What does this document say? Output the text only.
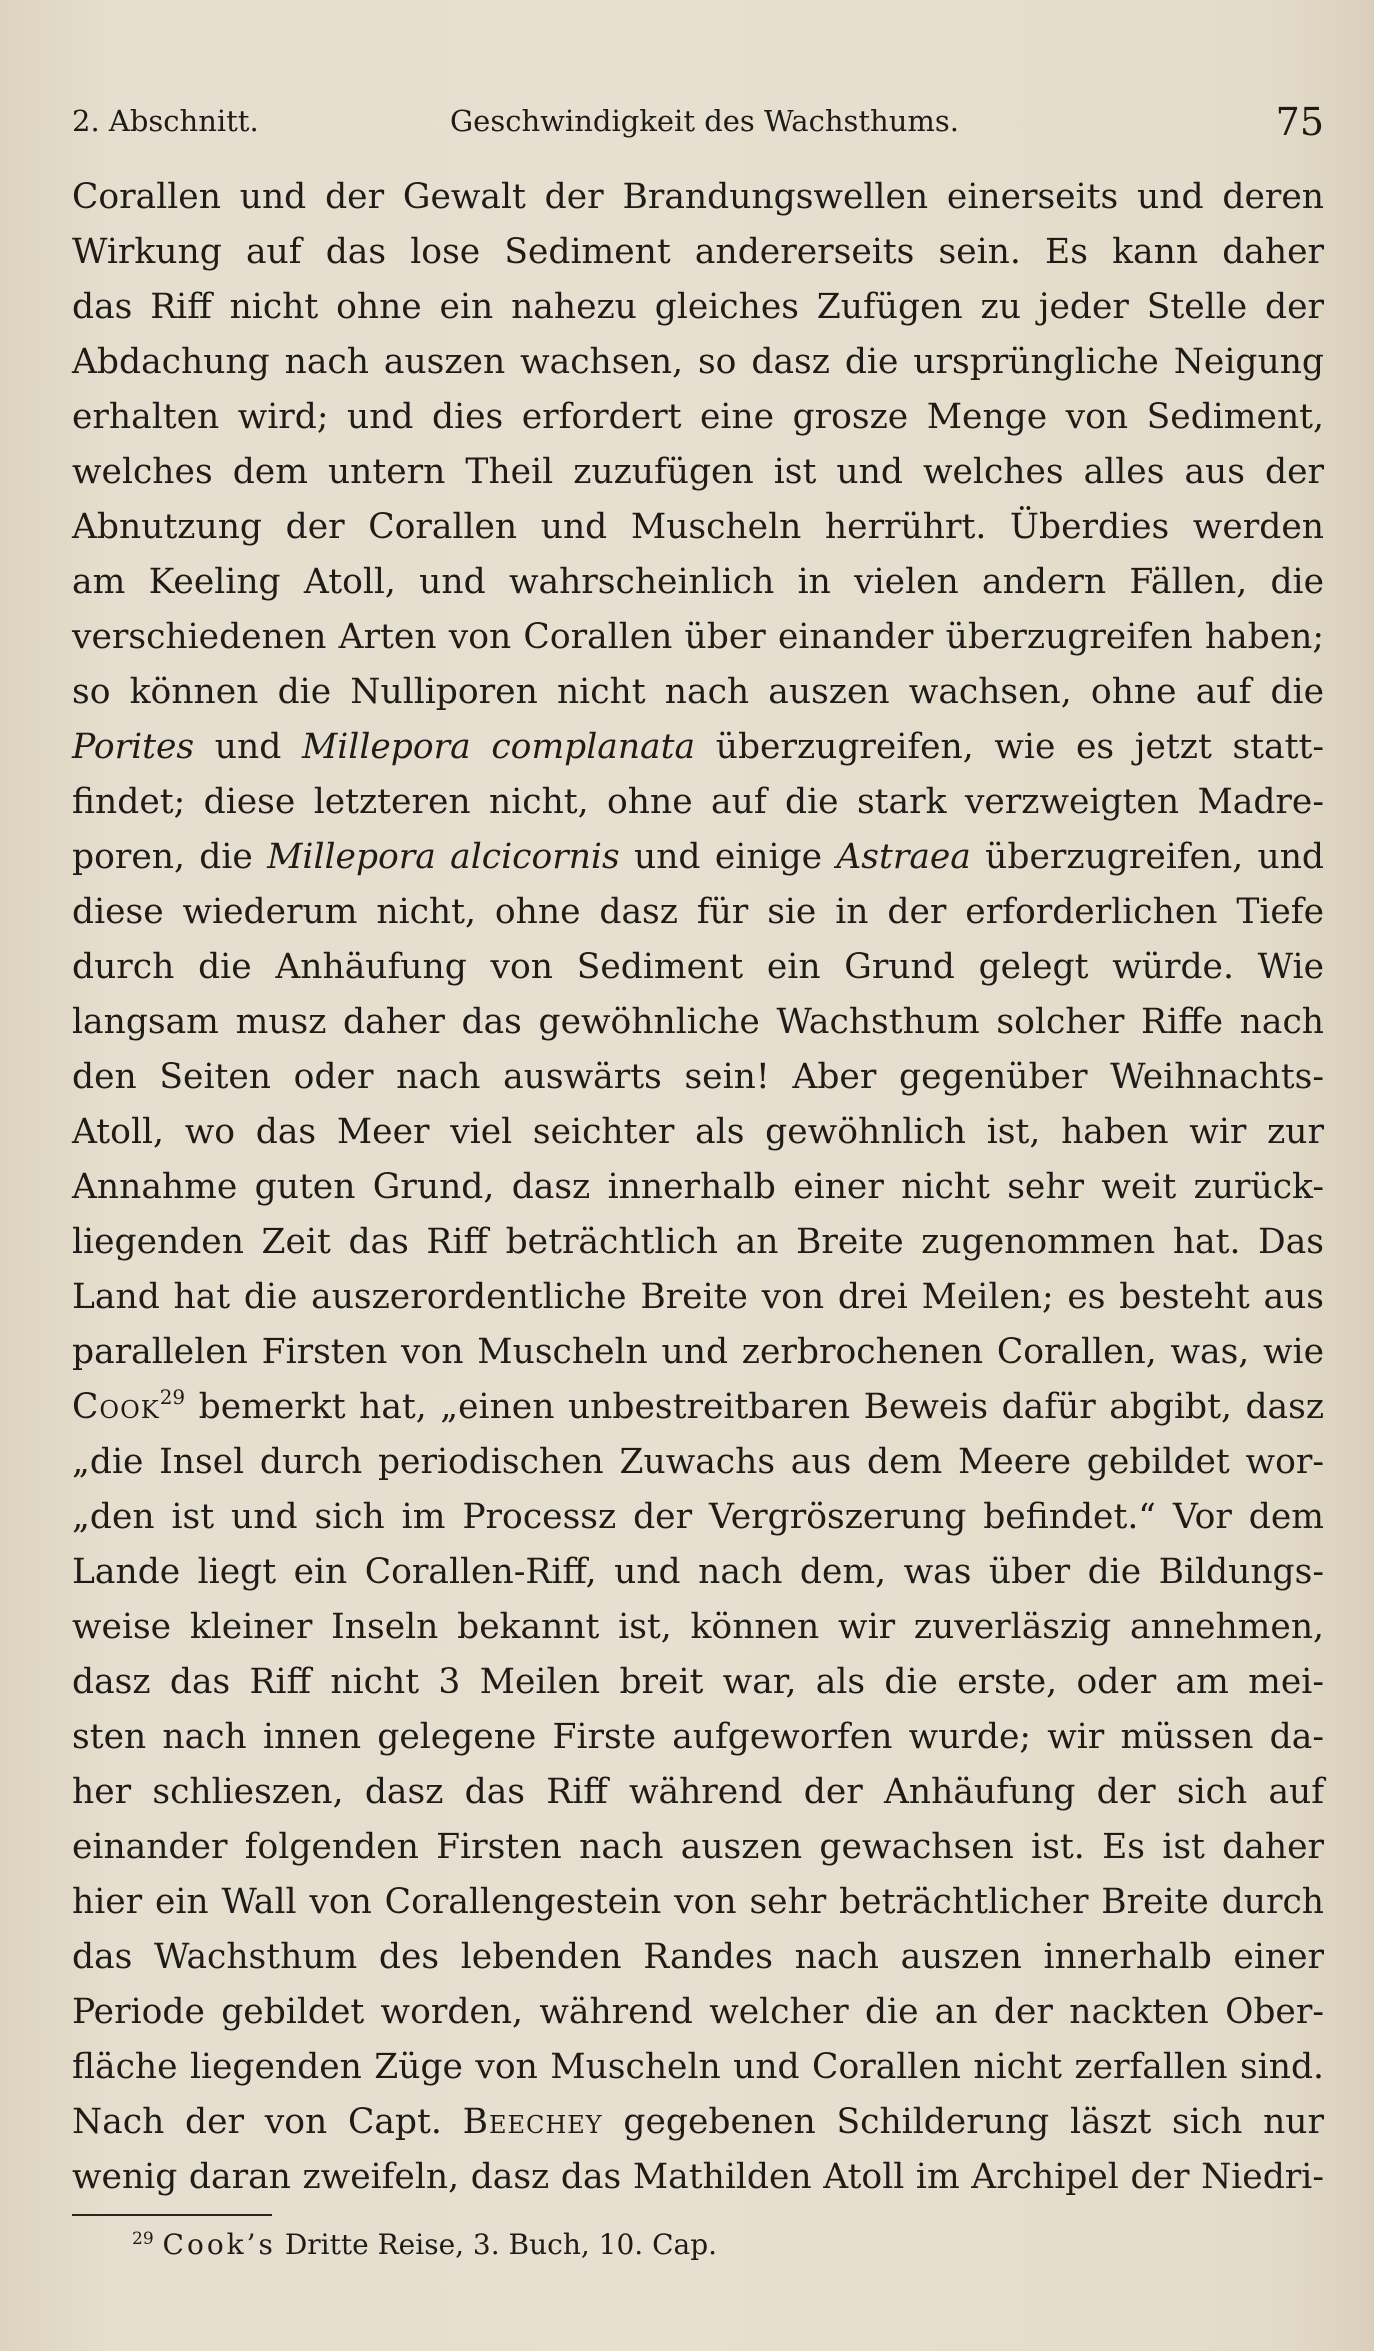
2. Abschnitt.	Geschwindigkeit des Wachsthums.	75
Corallen und der Gewalt der Brandungswellen einerseits und deren
Wirkung auf das lose Sediment andererseits sein. Es kann daher
das Riff nicht ohne ein nahezu gleiches Zufügen zu jeder Stelle der
Abdachung nach auszen wachsen, so dasz die ursprüngliche Neigung
erhalten wird; und dies erfordert eine grosze Menge von Sediment,
welches dem untern Theil zuzufügen ist und welches alles aus der
Abnutzung der Corallen und Muscheln herrührt. Überdies werden
am Keeling Atoll, und wahrscheinlich in vielen andern Fällen, die
verschiedenen Arten von Corallen über einander überzugreifen haben;
so können die Nulliporen nicht nach auszen wachsen, ohne auf die
Porites und Millepora complanata überzugreifen, wie es jetzt statt-
findet; diese letzteren nicht, ohne auf die stark verzweigten Madre-
poren, die Millepora alcicornis und einige Astraea überzugreifen, und
diese wiederum nicht, ohne dasz für sie in der erforderlichen Tiefe
durch die Anhäufung von Sediment ein Grund gelegt würde. Wie
langsam musz daher das gewöhnliche Wachsthum solcher Riffe nach
den Seiten oder nach auswärts sein! Aber gegenüber Weihnachts-
Atoll, wo das Meer viel seichter als gewöhnlich ist, haben wir zur
Annahme guten Grund, dasz innerhalb einer nicht sehr weit zurück-
liegenden Zeit das Riff beträchtlich an Breite zugenommen hat. Das
Land hat die auszerordentliche Breite von drei Meilen; es besteht aus
parallelen Firsten von Muscheln und zerbrochenen Corallen, was, wie
Cook$^{29}$ bemerkt hat, „einen unbestreitbaren Beweis dafür abgibt, dasz
„die Insel durch periodischen Zuwachs aus dem Meere gebildet wor-
„den ist und sich im Processz der Vergröszerung befindet.“ Vor dem
Lande liegt ein Corallen-Riff, und nach dem, was über die Bildungs-
weise kleiner Inseln bekannt ist, können wir zuverläszig annehmen,
dasz das Riff nicht 3 Meilen breit war, als die erste, oder am mei-
sten nach innen gelegene Firste aufgeworfen wurde; wir müssen da-
her schlieszen, dasz das Riff während der Anhäufung der sich auf
einander folgenden Firsten nach auszen gewachsen ist. Es ist daher
hier ein Wall von Corallengestein von sehr beträchtlicher Breite durch
das Wachsthum des lebenden Randes nach auszen innerhalb einer
Periode gebildet worden, während welcher die an der nackten Ober-
fläche liegenden Züge von Muscheln und Corallen nicht zerfallen sind.
Nach der von Capt. Beechey gegebenen Schilderung läszt sich nur
wenig daran zweifeln, dasz das Mathilden Atoll im Archipel der Niedri-
$^{29}$ Cook’s Dritte Reise, 3. Buch, 10. Cap.
